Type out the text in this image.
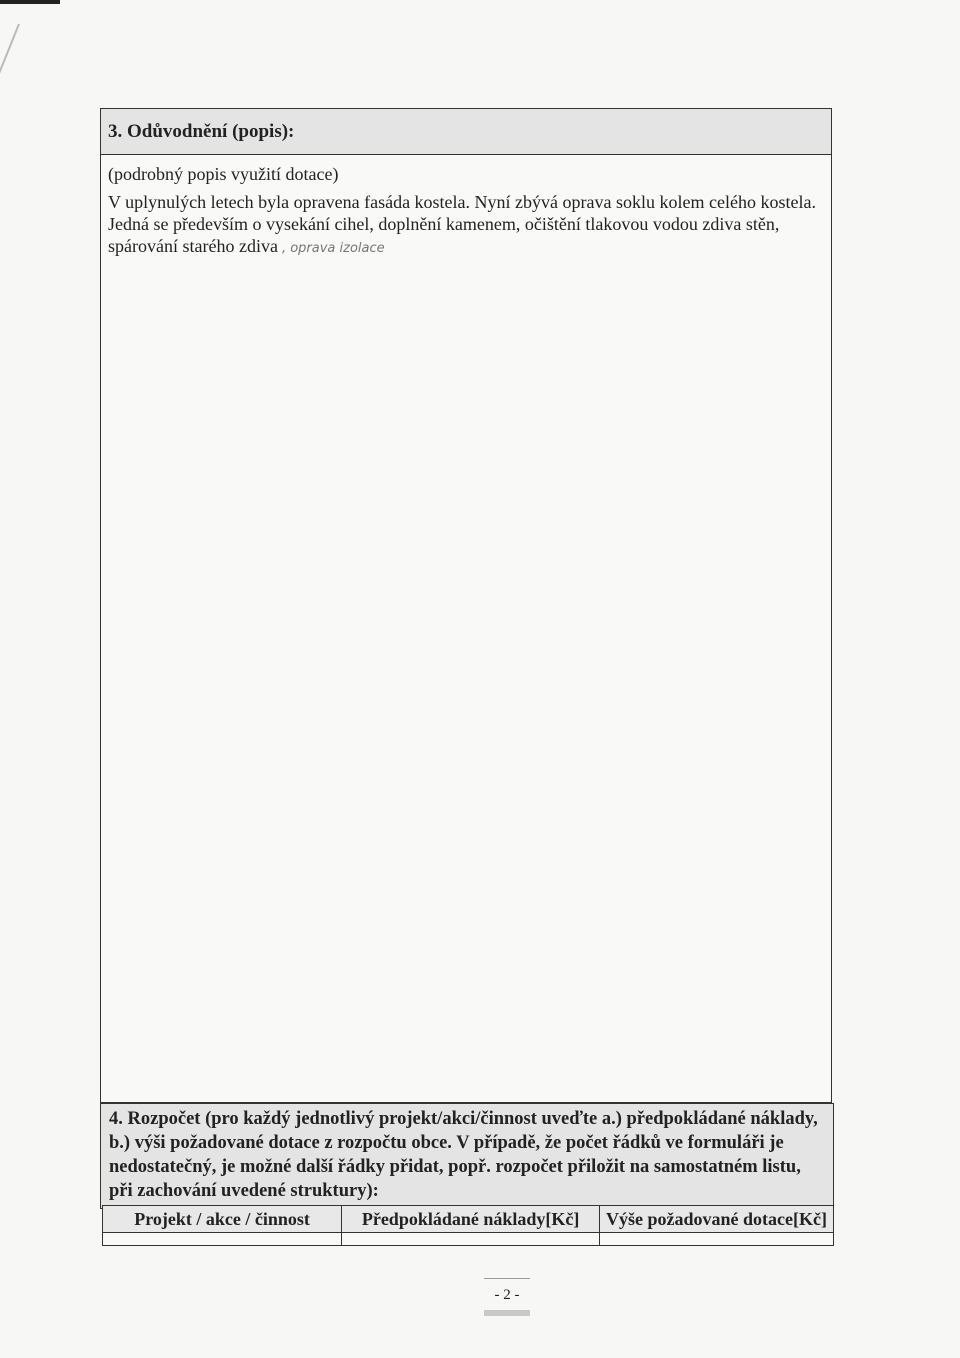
3. Odůvodnění (popis):
(podrobný popis využití dotace)
V uplynulých letech byla opravena fasáda kostela. Nyní zbývá oprava soklu kolem celého kostela. Jedná se především o vysekání cihel, doplnění kamenem, očištění tlakovou vodou zdiva stěn, spárování starého zdiva , oprava izolace
4. Rozpočet (pro každý jednotlivý projekt/akci/činnost uveďte a.) předpokládané náklady, b.) výši požadované dotace z rozpočtu obce. V případě, že počet řádků ve formuláři je nedostatečný, je možné další řádky přidat, popř. rozpočet přiložit na samostatném listu, při zachování uvedené struktury):
Projekt / akce / činnost	Předpokládané náklady[Kč]	Výše požadované dotace[Kč]

- 2 -
